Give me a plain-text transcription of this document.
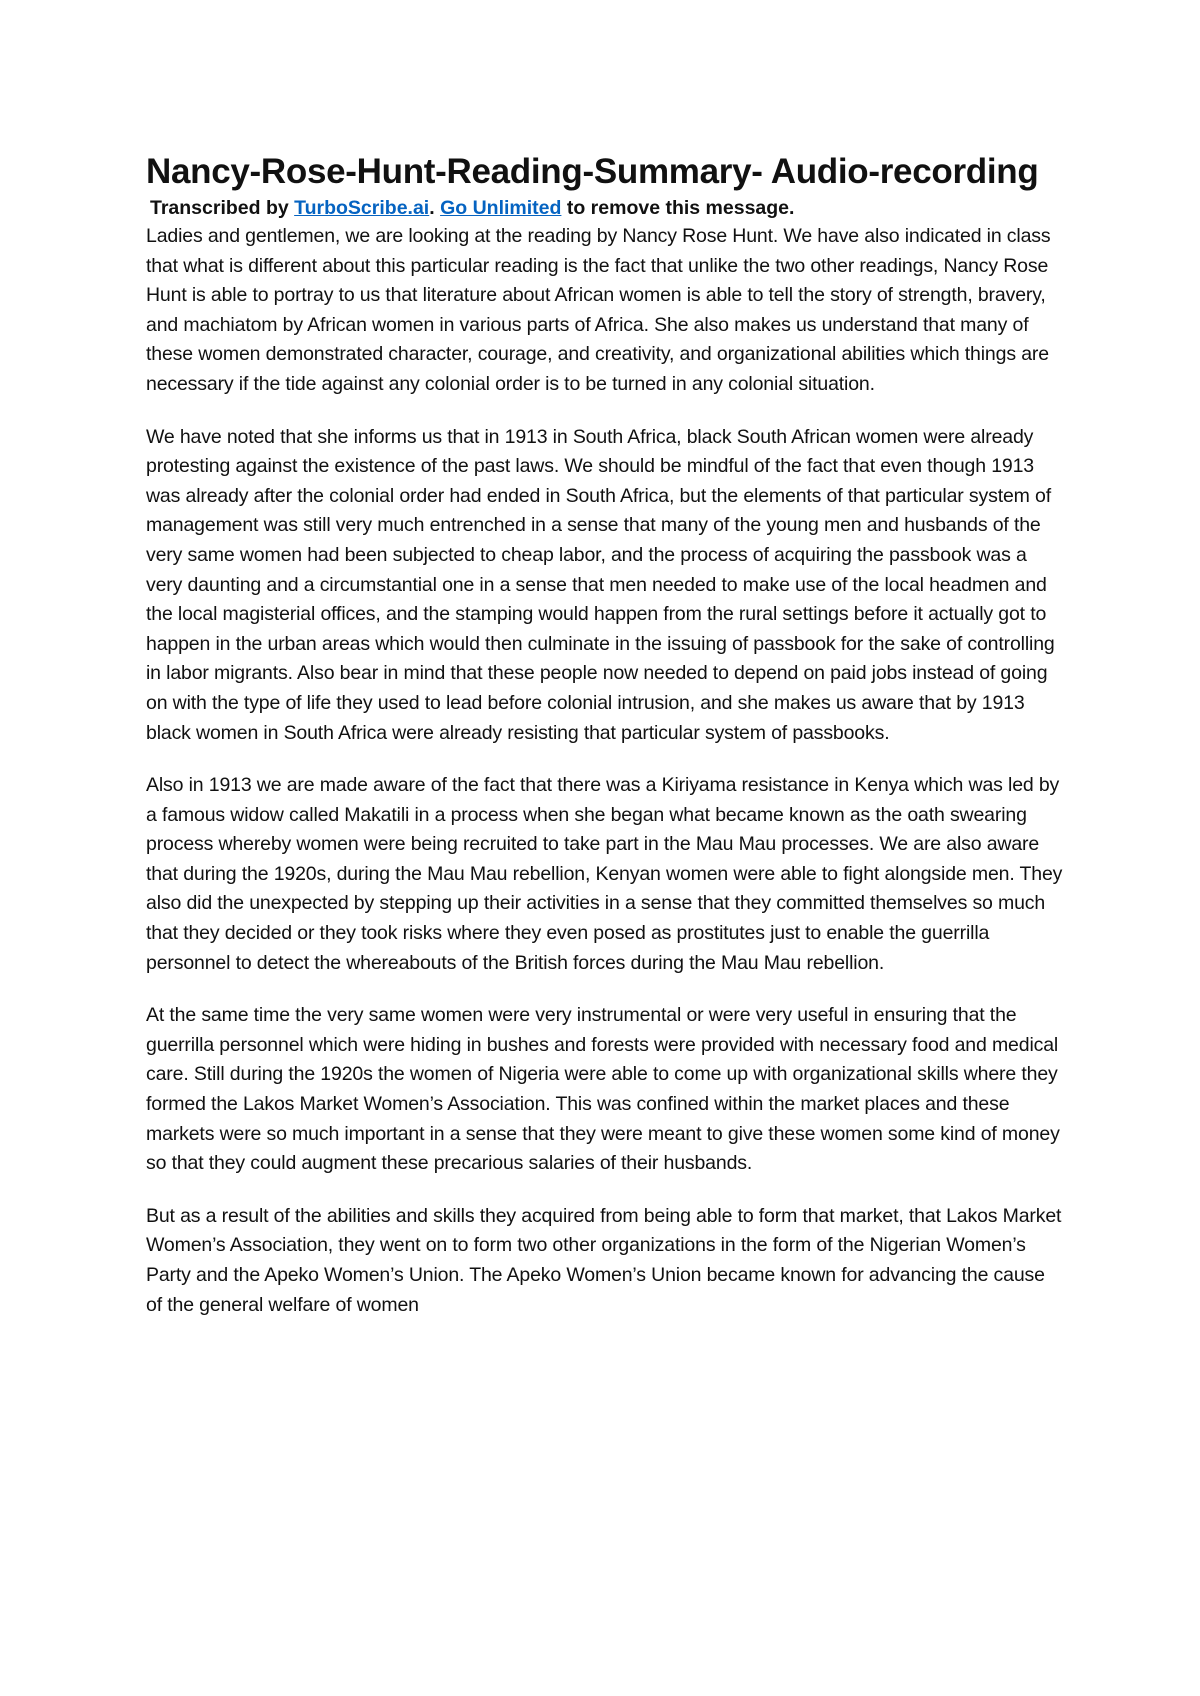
Nancy-Rose-Hunt-Reading-Summary- Audio-recording

Transcribed by TurboScribe.ai. Go Unlimited to remove this message.

Ladies and gentlemen, we are looking at the reading by Nancy Rose Hunt. We have also indicated in class that what is different about this particular reading is the fact that unlike the two other readings, Nancy Rose Hunt is able to portray to us that literature about African women is able to tell the story of strength, bravery, and machiatom by African women in various parts of Africa. She also makes us understand that many of these women demonstrated character, courage, and creativity, and organizational abilities which things are necessary if the tide against any colonial order is to be turned in any colonial situation.

We have noted that she informs us that in 1913 in South Africa, black South African women were already protesting against the existence of the past laws. We should be mindful of the fact that even though 1913 was already after the colonial order had ended in South Africa, but the elements of that particular system of management was still very much entrenched in a sense that many of the young men and husbands of the very same women had been subjected to cheap labor, and the process of acquiring the passbook was a very daunting and a circumstantial one in a sense that men needed to make use of the local headmen and the local magisterial offices, and the stamping would happen from the rural settings before it actually got to happen in the urban areas which would then culminate in the issuing of passbook for the sake of controlling in labor migrants. Also bear in mind that these people now needed to depend on paid jobs instead of going on with the type of life they used to lead before colonial intrusion, and she makes us aware that by 1913 black women in South Africa were already resisting that particular system of passbooks.

Also in 1913 we are made aware of the fact that there was a Kiriyama resistance in Kenya which was led by a famous widow called Makatili in a process when she began what became known as the oath swearing process whereby women were being recruited to take part in the Mau Mau processes. We are also aware that during the 1920s, during the Mau Mau rebellion, Kenyan women were able to fight alongside men. They also did the unexpected by stepping up their activities in a sense that they committed themselves so much that they decided or they took risks where they even posed as prostitutes just to enable the guerrilla personnel to detect the whereabouts of the British forces during the Mau Mau rebellion.

At the same time the very same women were very instrumental or were very useful in ensuring that the guerrilla personnel which were hiding in bushes and forests were provided with necessary food and medical care. Still during the 1920s the women of Nigeria were able to come up with organizational skills where they formed the Lakos Market Women’s Association. This was confined within the market places and these markets were so much important in a sense that they were meant to give these women some kind of money so that they could augment these precarious salaries of their husbands.

But as a result of the abilities and skills they acquired from being able to form that market, that Lakos Market Women’s Association, they went on to form two other organizations in the form of the Nigerian Women’s Party and the Apeko Women’s Union. The Apeko Women’s Union became known for advancing the cause of the general welfare of women
